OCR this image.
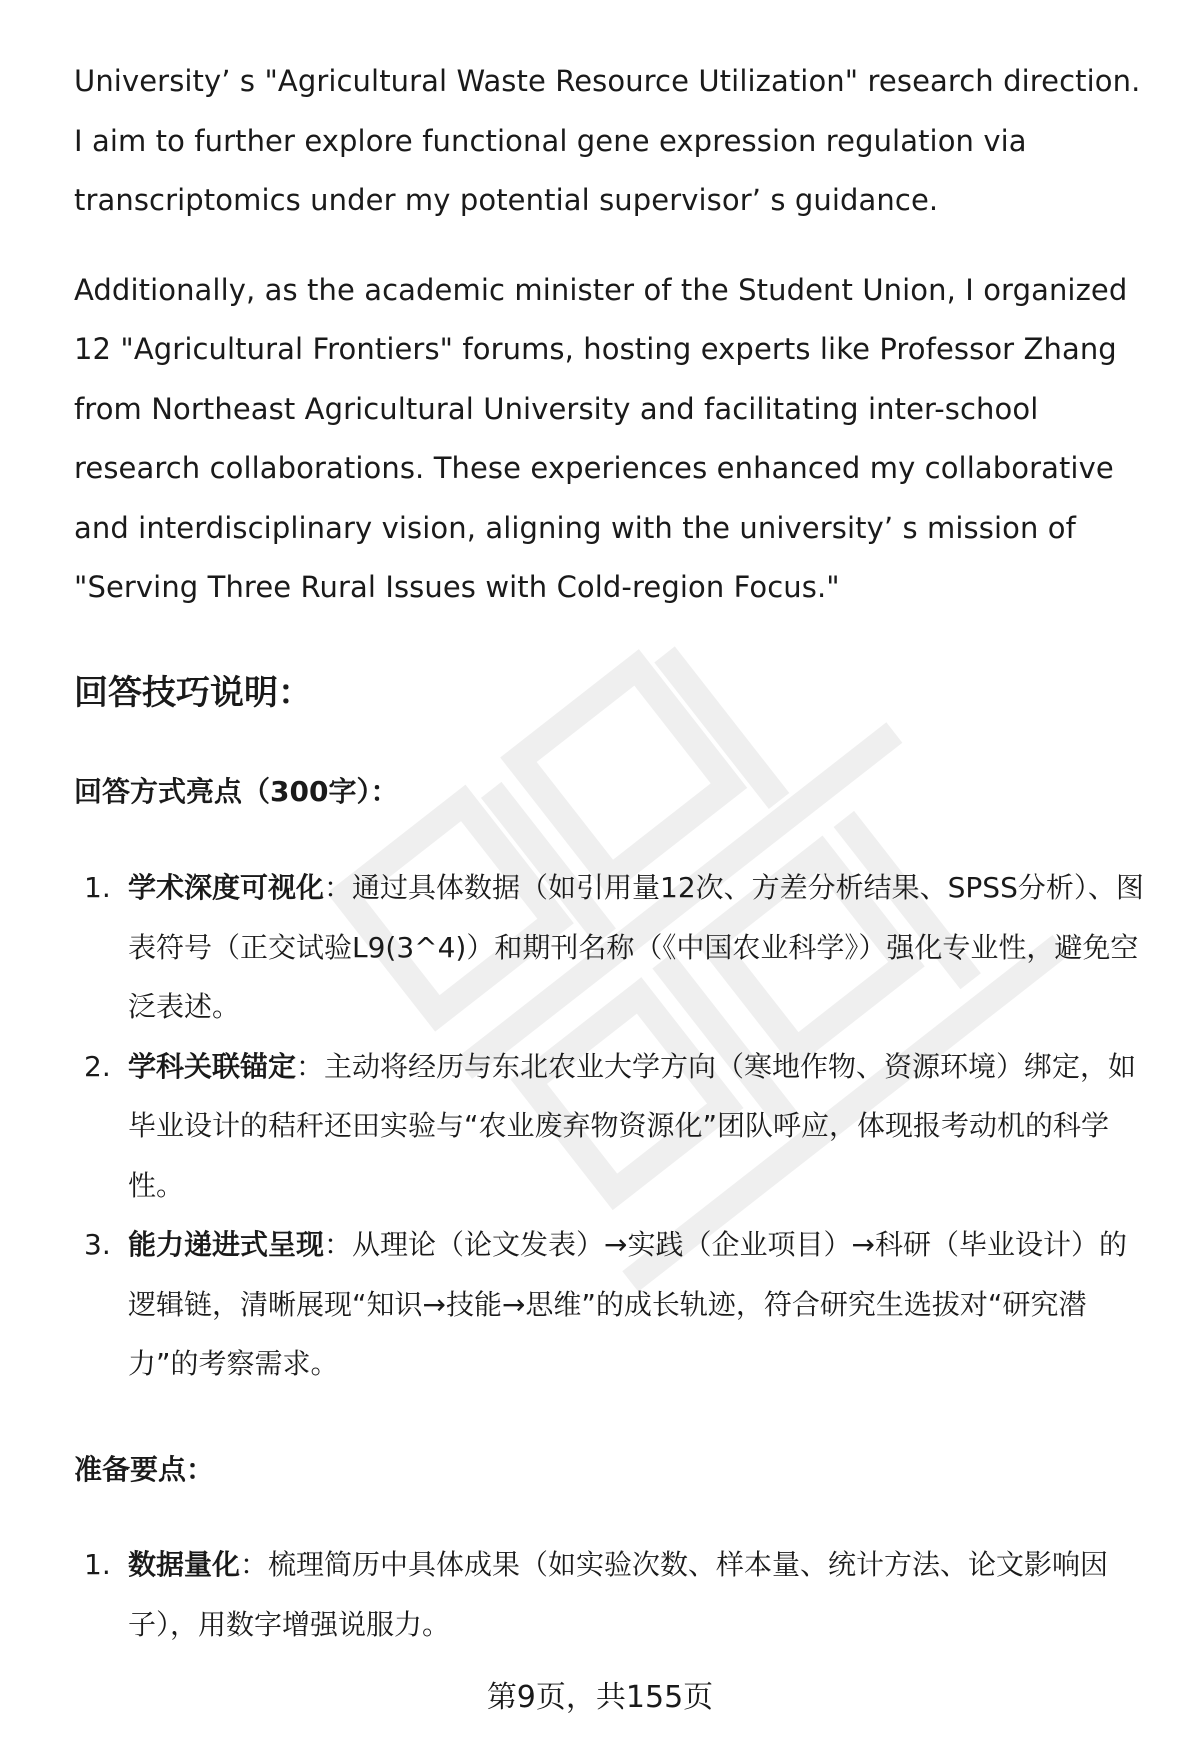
University’ s "Agricultural Waste Resource Utilization" research direction. I aim to further explore functional gene expression regulation via transcriptomics under my potential supervisor’ s guidance.

Additionally, as the academic minister of the Student Union, I organized 12 "Agricultural Frontiers" forums, hosting experts like Professor Zhang from Northeast Agricultural University and facilitating inter-school research collaborations. These experiences enhanced my collaborative and interdisciplinary vision, aligning with the university’ s mission of "Serving Three Rural Issues with Cold-region Focus."

回答技巧说明：
回答方式亮点（300字）：
1. 学术深度可视化：通过具体数据（如引用量12次、方差分析结果、SPSS分析）、图表符号（正交试验L9(3^4)）和期刊名称（《中国农业科学》）强化专业性，避免空泛表述。
2. 学科关联锚定：主动将经历与东北农业大学方向（寒地作物、资源环境）绑定，如毕业设计的秸秆还田实验与“农业废弃物资源化”团队呼应，体现报考动机的科学性。
3. 能力递进式呈现：从理论（论文发表）→实践（企业项目）→科研（毕业设计）的逻辑链，清晰展现“知识→技能→思维”的成长轨迹，符合研究生选拔对“研究潜力”的考察需求。
准备要点：
1. 数据量化：梳理简历中具体成果（如实验次数、样本量、统计方法、论文影响因子），用数字增强说服力。
第9页，共155页
